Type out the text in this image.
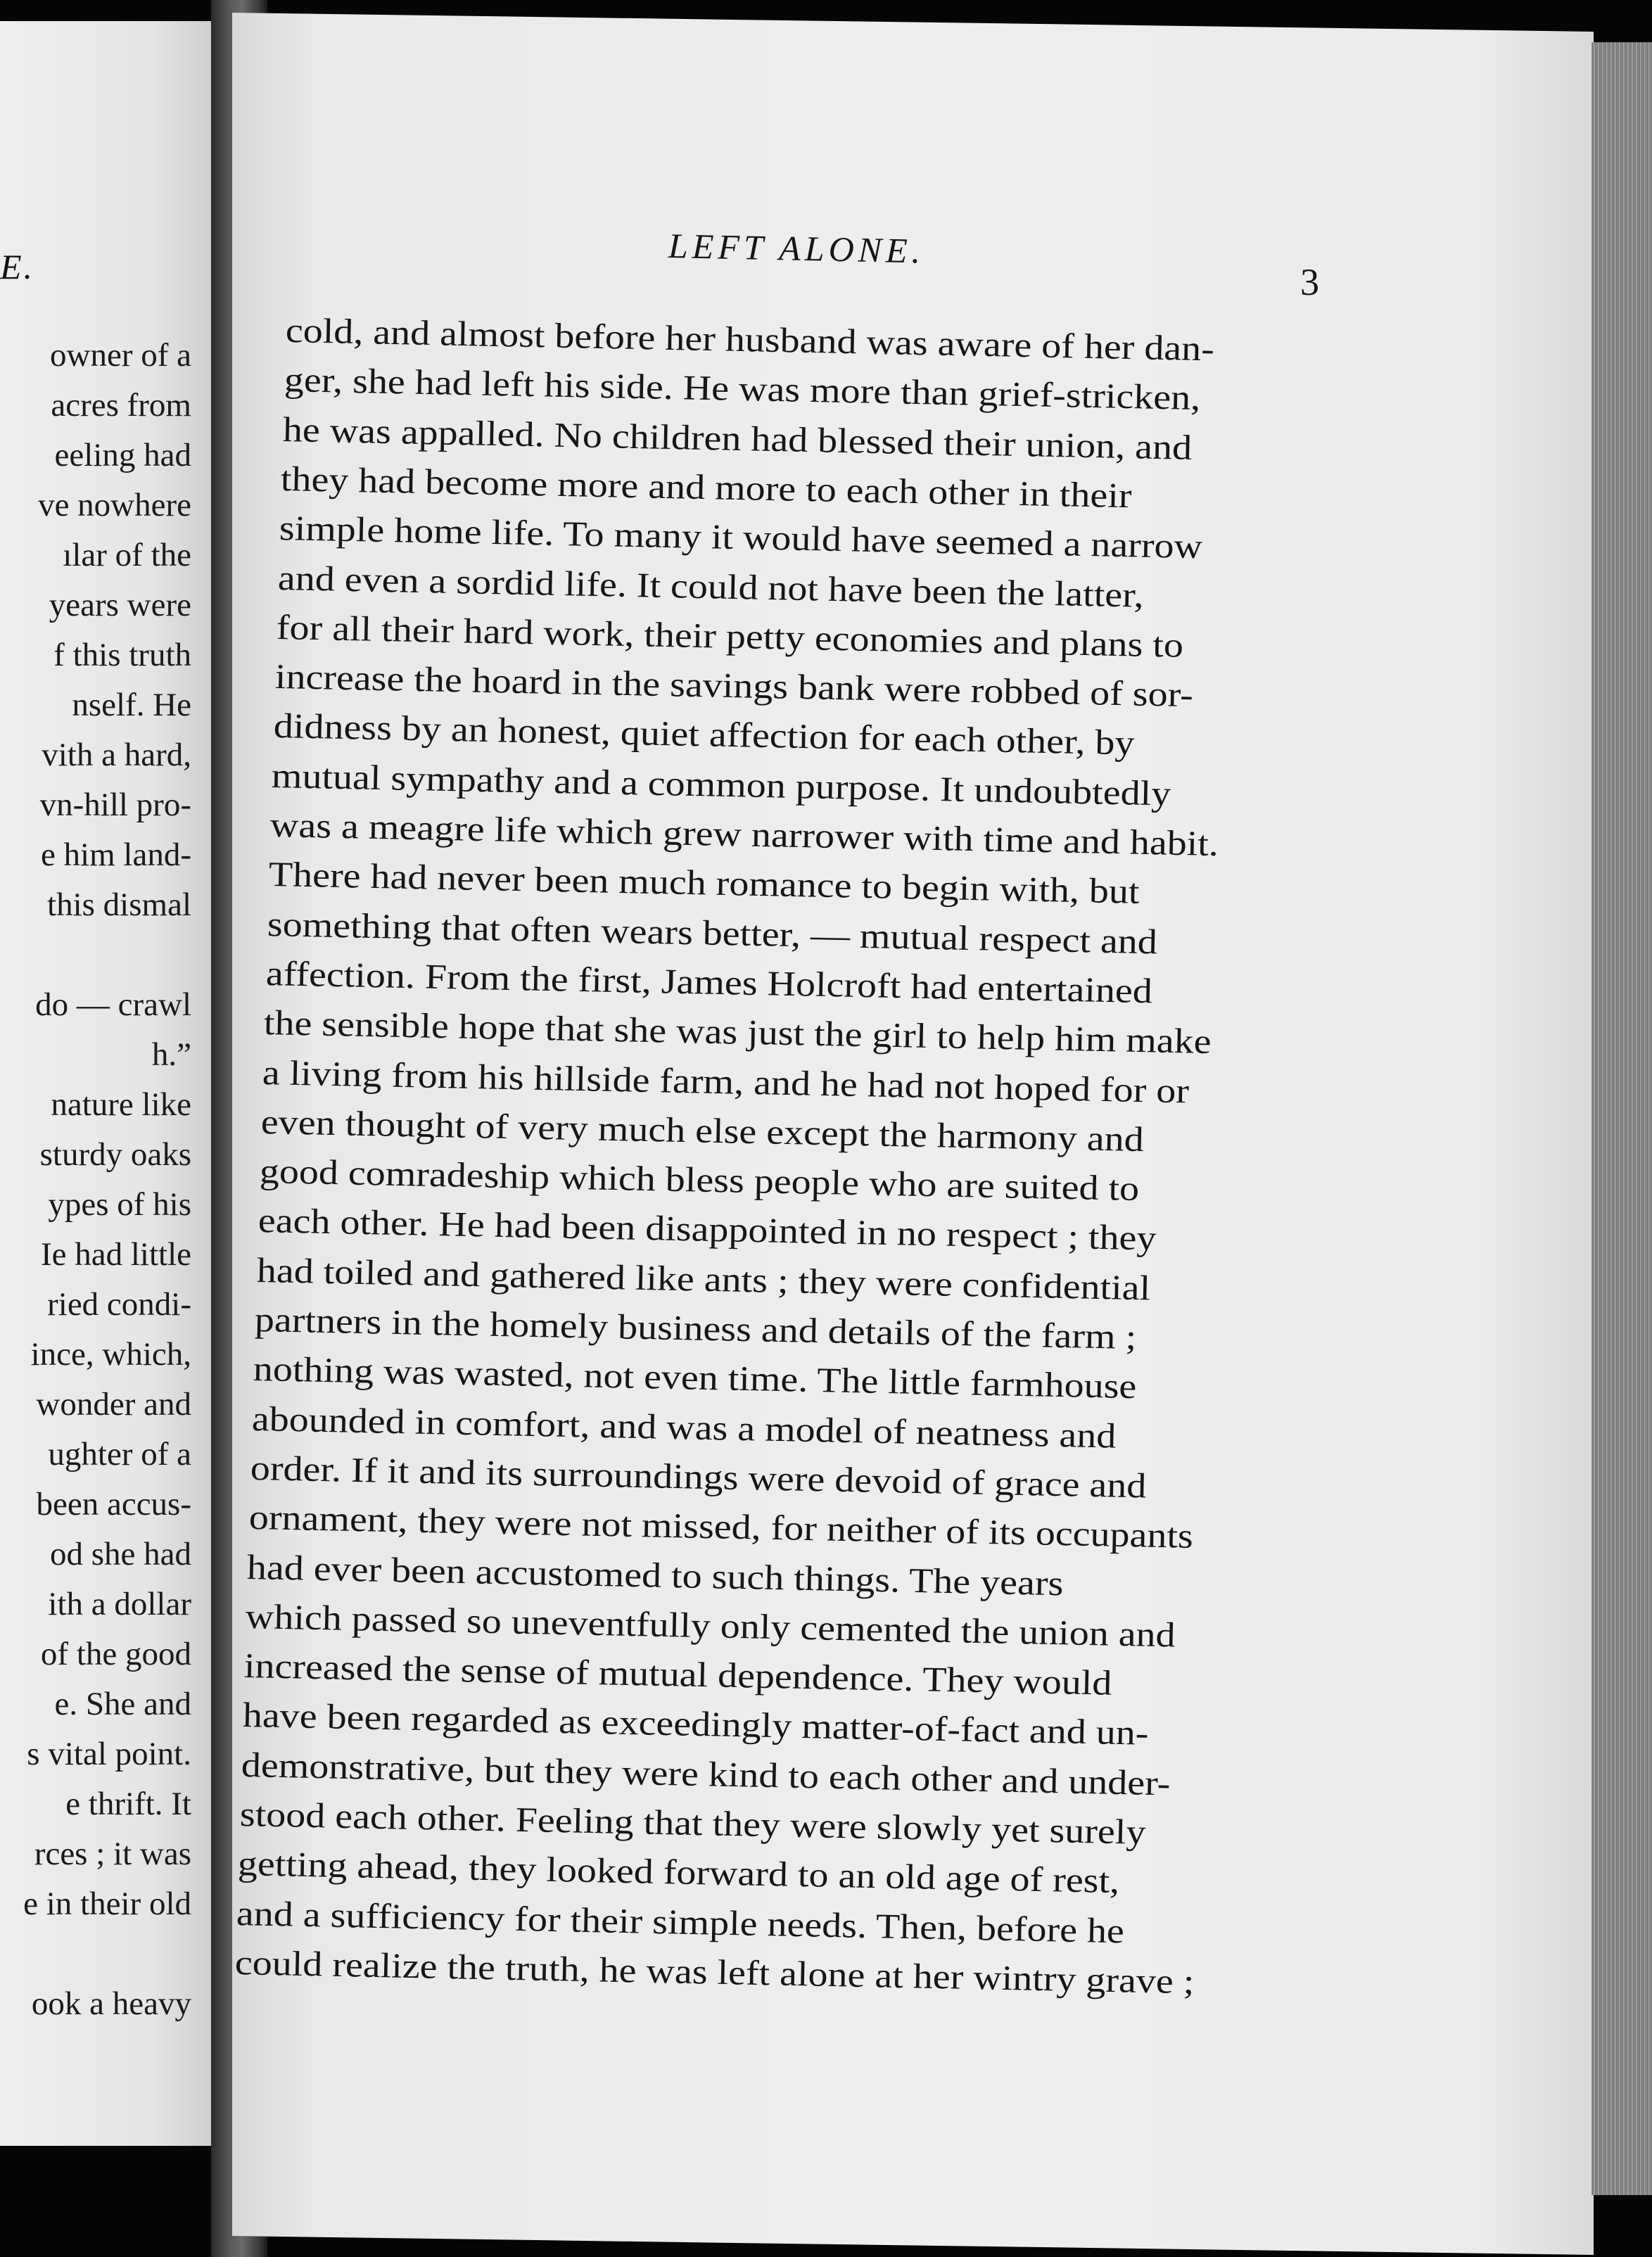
E.
owner of a
acres from
eeling had
ve nowhere
ılar of the
years were
f this truth
nself. He
vith a hard,
vn-hill pro-
e him land-
this dismal
do — crawl
h.”
nature like
sturdy oaks
ypes of his
Ie had little
ried condi-
ince, which,
wonder and
ughter of a
been accus-
od she had
ith a dollar
of the good
e. She and
s vital point.
e thrift. It
rces ; it was
e in their old
ook a heavy
LEFT ALONE.
3
cold, and almost before her husband was aware of her dan-
ger, she had left his side. He was more than grief-stricken,
he was appalled. No children had blessed their union, and
they had become more and more to each other in their
simple home life. To many it would have seemed a narrow
and even a sordid life. It could not have been the latter,
for all their hard work, their petty economies and plans to
increase the hoard in the savings bank were robbed of sor-
didness by an honest, quiet affection for each other, by
mutual sympathy and a common purpose. It undoubtedly
was a meagre life which grew narrower with time and habit.
There had never been much romance to begin with, but
something that often wears better, — mutual respect and
affection. From the first, James Holcroft had entertained
the sensible hope that she was just the girl to help him make
a living from his hillside farm, and he had not hoped for or
even thought of very much else except the harmony and
good comradeship which bless people who are suited to
each other. He had been disappointed in no respect ; they
had toiled and gathered like ants ; they were confidential
partners in the homely business and details of the farm ;
nothing was wasted, not even time. The little farmhouse
abounded in comfort, and was a model of neatness and
order. If it and its surroundings were devoid of grace and
ornament, they were not missed, for neither of its occupants
had ever been accustomed to such things. The years
which passed so uneventfully only cemented the union and
increased the sense of mutual dependence. They would
have been regarded as exceedingly matter-of-fact and un-
demonstrative, but they were kind to each other and under-
stood each other. Feeling that they were slowly yet surely
getting ahead, they looked forward to an old age of rest,
and a sufficiency for their simple needs. Then, before he
could realize the truth, he was left alone at her wintry grave ;
